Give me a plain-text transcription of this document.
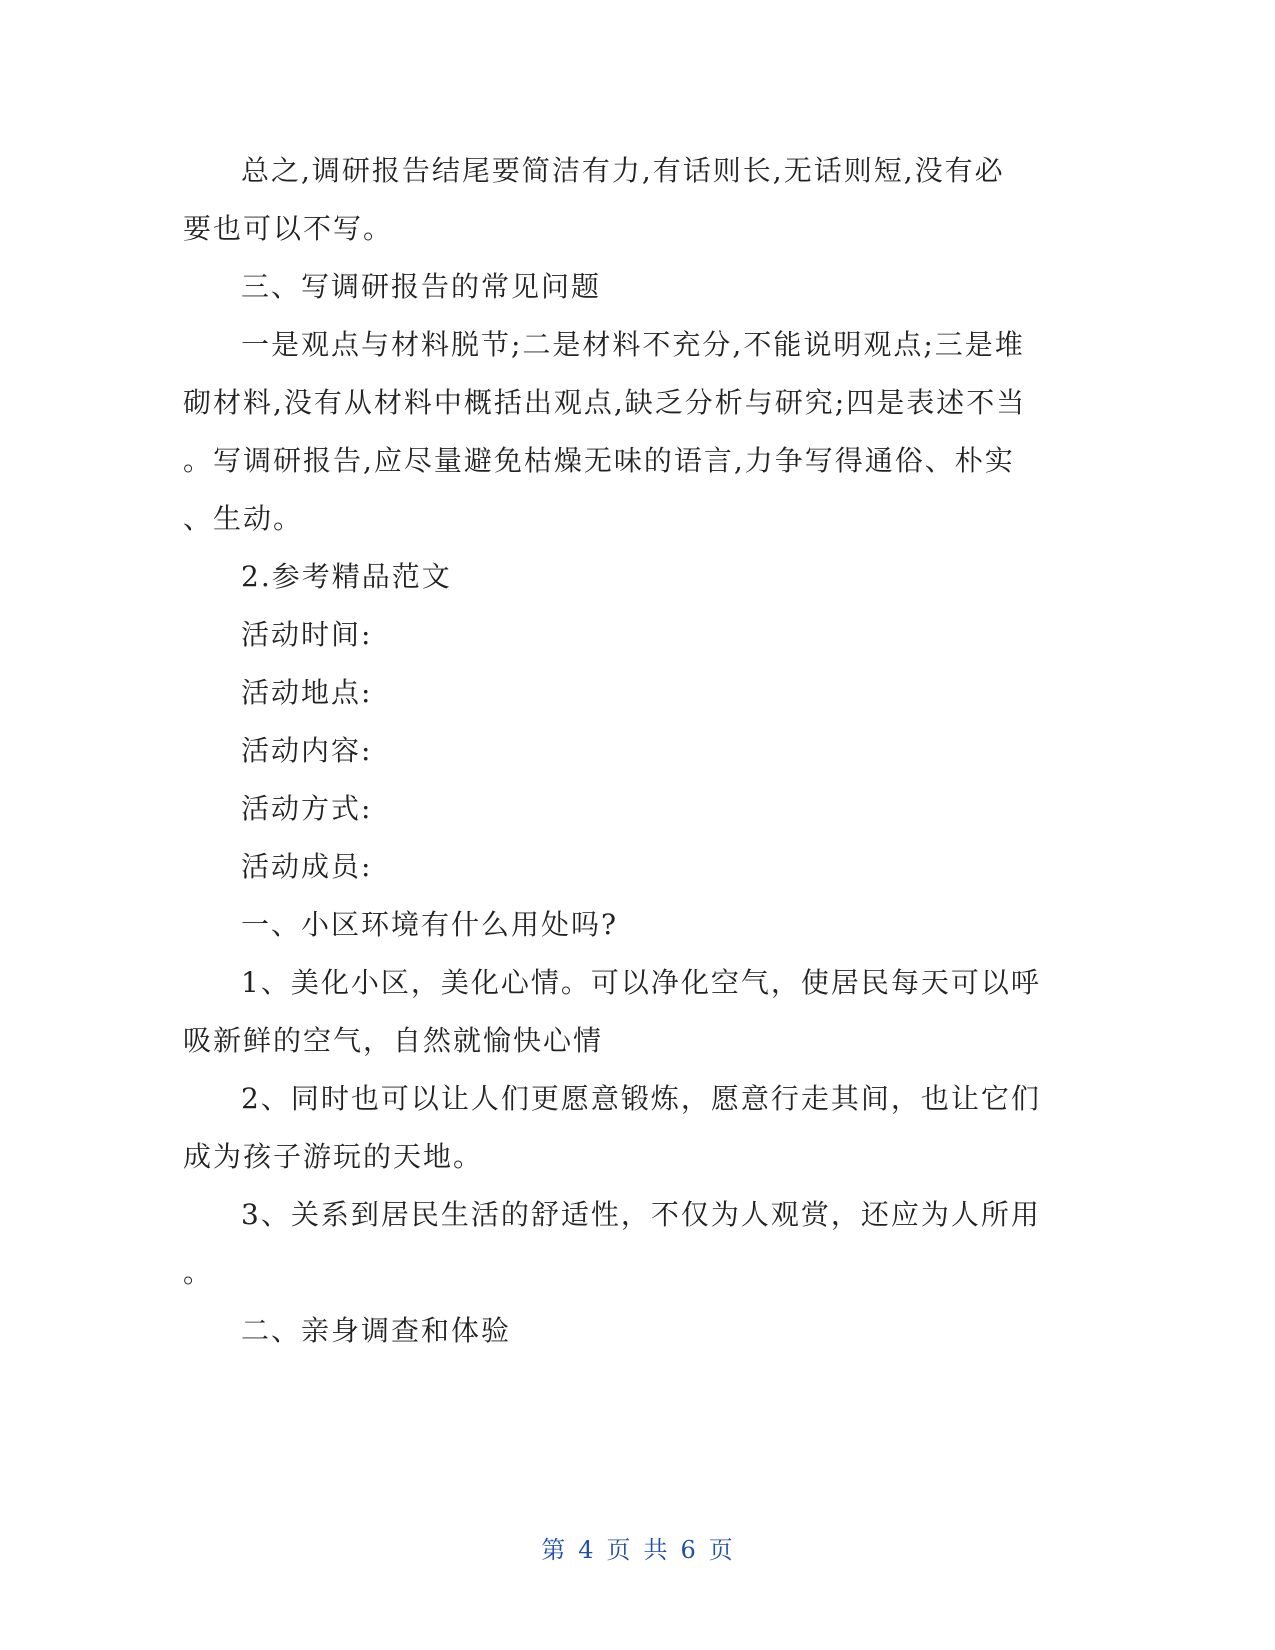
总之,调研报告结尾要简洁有力,有话则长,无话则短,没有必
要也可以不写。
三、写调研报告的常见问题
一是观点与材料脱节;二是材料不充分,不能说明观点;三是堆
砌材料,没有从材料中概括出观点,缺乏分析与研究;四是表述不当
。写调研报告,应尽量避免枯燥无味的语言,力争写得通俗、朴实
、生动。
2.参考精品范文
活动时间:
活动地点:
活动内容:
活动方式:
活动成员:
一、小区环境有什么用处吗?
1、美化小区，美化心情。可以净化空气，使居民每天可以呼
吸新鲜的空气，自然就愉快心情
2、同时也可以让人们更愿意锻炼，愿意行走其间，也让它们
成为孩子游玩的天地。
3、关系到居民生活的舒适性，不仅为人观赏，还应为人所用
。
二、亲身调查和体验
第 4 页 共 6 页
